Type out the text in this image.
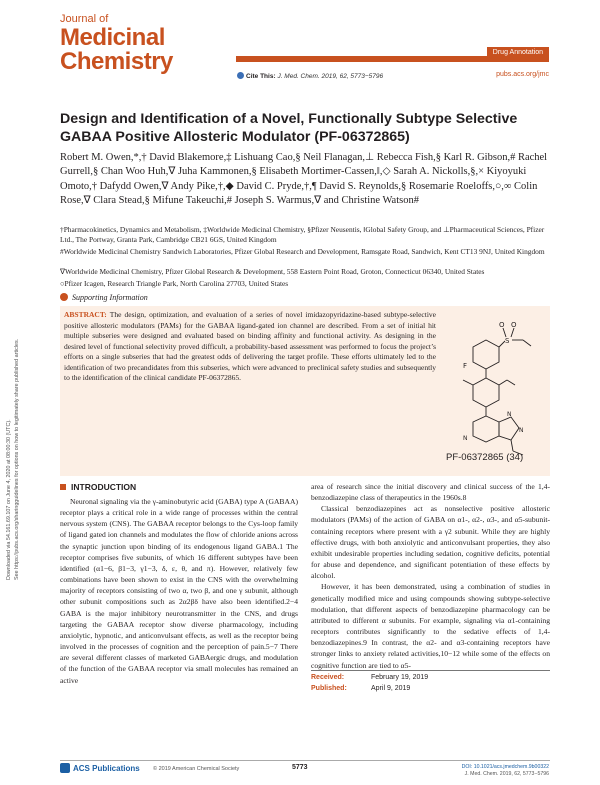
Downloaded via 54.161.69.107 on June 4, 2020 at 08:00:30 (UTC). See https://pubs.acs.org/sharingguidelines for options on how to legitimately share published articles.
Journal of
Medicinal
Chemistry	Drug Annotation
Cite This: J. Med. Chem. 2019, 62, 5773−5796	pubs.acs.org/jmc
Design and Identification of a Novel, Functionally Subtype Selective GABAA Positive Allosteric Modulator (PF-06372865)
Robert M. Owen,*,† David Blakemore,‡ Lishuang Cao,§ Neil Flanagan,⊥ Rebecca Fish,§ Karl R. Gibson,# Rachel Gurrell,§ Chan Woo Huh,∇ Juha Kammonen,§ Elisabeth Mortimer-Cassen,‖,◇ Sarah A. Nickolls,§,× Kiyoyuki Omoto,† Dafydd Owen,∇ Andy Pike,†,◆ David C. Pryde,†,¶ David S. Reynolds,§ Rosemarie Roeloffs,○,∞ Colin Rose,∇ Clara Stead,§ Mifune Takeuchi,# Joseph S. Warmus,∇ and Christine Watson#
†Pharmacokinetics, Dynamics and Metabolism, ‡Worldwide Medicinal Chemistry, §Pfizer Neusentis, ‖Global Safety Group, and ⊥Pharmaceutical Sciences, Pfizer Ltd., The Portway, Granta Park, Cambridge CB21 6GS, United Kingdom
#Worldwide Medicinal Chemistry Sandwich Laboratories, Pfizer Global Research and Development, Ramsgate Road, Sandwich, Kent CT13 9NJ, United Kingdom
∇Worldwide Medicinal Chemistry, Pfizer Global Research & Development, 558 Eastern Point Road, Groton, Connecticut 06340, United States
○Pfizer Icagen, Research Triangle Park, North Carolina 27703, United States
Supporting Information
ABSTRACT: The design, optimization, and evaluation of a series of novel imidazopyridazine-based subtype-selective positive allosteric modulators (PAMs) for the GABAA ligand-gated ion channel are described. From a set of initial hit multiple subseries were designed and evaluated based on binding affinity and functional activity. As designing in the desired level of functional selectivity proved difficult, a probability-based assessment was performed to focus the project’s efforts on a single subseries that had the greatest odds of delivering the target profile. These efforts ultimately led to the identification of two precandidates from this subseries, which were advanced to preclinical safety studies and subsequently to the identification of the clinical candidate PF-06372865.
O O
S
F
N
N
N
PF-06372865 (34)
INTRODUCTION

Neuronal signaling via the γ-aminobutyric acid (GABA) type A (GABAA) receptor plays a critical role in a wide range of processes within the central nervous system (CNS). The GABAA receptor belongs to the Cys-loop family of ligand gated ion channels and modulates the flow of chloride anions across the synaptic junction upon binding of its endogenous ligand GABA.1 The receptor comprises five subunits, of which 16 different subtypes have been identified (α1−6, β1−3, γ1−3, δ, ε, θ, and π). However, relatively few combinations have been shown to exist in the CNS with the overwhelming majority of receptors consisting of two α, two β, and one γ subunit, although other subunit compositions such as 2α2βδ have also been identified.2−4 GABA is the major inhibitory neurotransmitter in the CNS, and drugs targeting the GABAA receptor show diverse pharmacology, including anxiolytic, hypnotic, and anticonvulsant effects, as well as the receptor being involved in the processes of cognition and the perception of pain.5−7 There are several different classes of marketed GABAergic drugs, and modulation of the function of the GABAA receptor via small molecules has remained an active

area of research since the initial discovery and clinical success of the 1,4-benzodiazepine class of therapeutics in the 1960s.8

Classical benzodiazepines act as nonselective positive allosteric modulators (PAMs) of the action of GABA on α1-, α2-, α3-, and α5-subunit-containing receptors where present with a γ2 subunit. While they are highly effective drugs, with both anxiolytic and anticonvulsant properties, they also exhibit undesirable properties including sedation, cognitive deficits, potential for abuse and dependence, and significant potentiation of these effects by alcohol.

However, it has been demonstrated, using a combination of studies in genetically modified mice and using compounds showing subtype-selective modulation, that different aspects of benzodiazepine pharmacology can be attributed to different α subunits. For example, signaling via α1-containing receptors contributes significantly to the sedative effects of 1,4-benzodiazepines.9 In contrast, the α2- and α3-containing receptors have stronger links to anxiety related activities,10−12 while some of the effects on cognitive function are tied to α5-

Received:	February 19, 2019
Published:	April 9, 2019
ACS Publications © 2019 American Chemical Society	5773	DOI: 10.1021/acs.jmedchem.9b00322
J. Med. Chem. 2019, 62, 5773−5796
